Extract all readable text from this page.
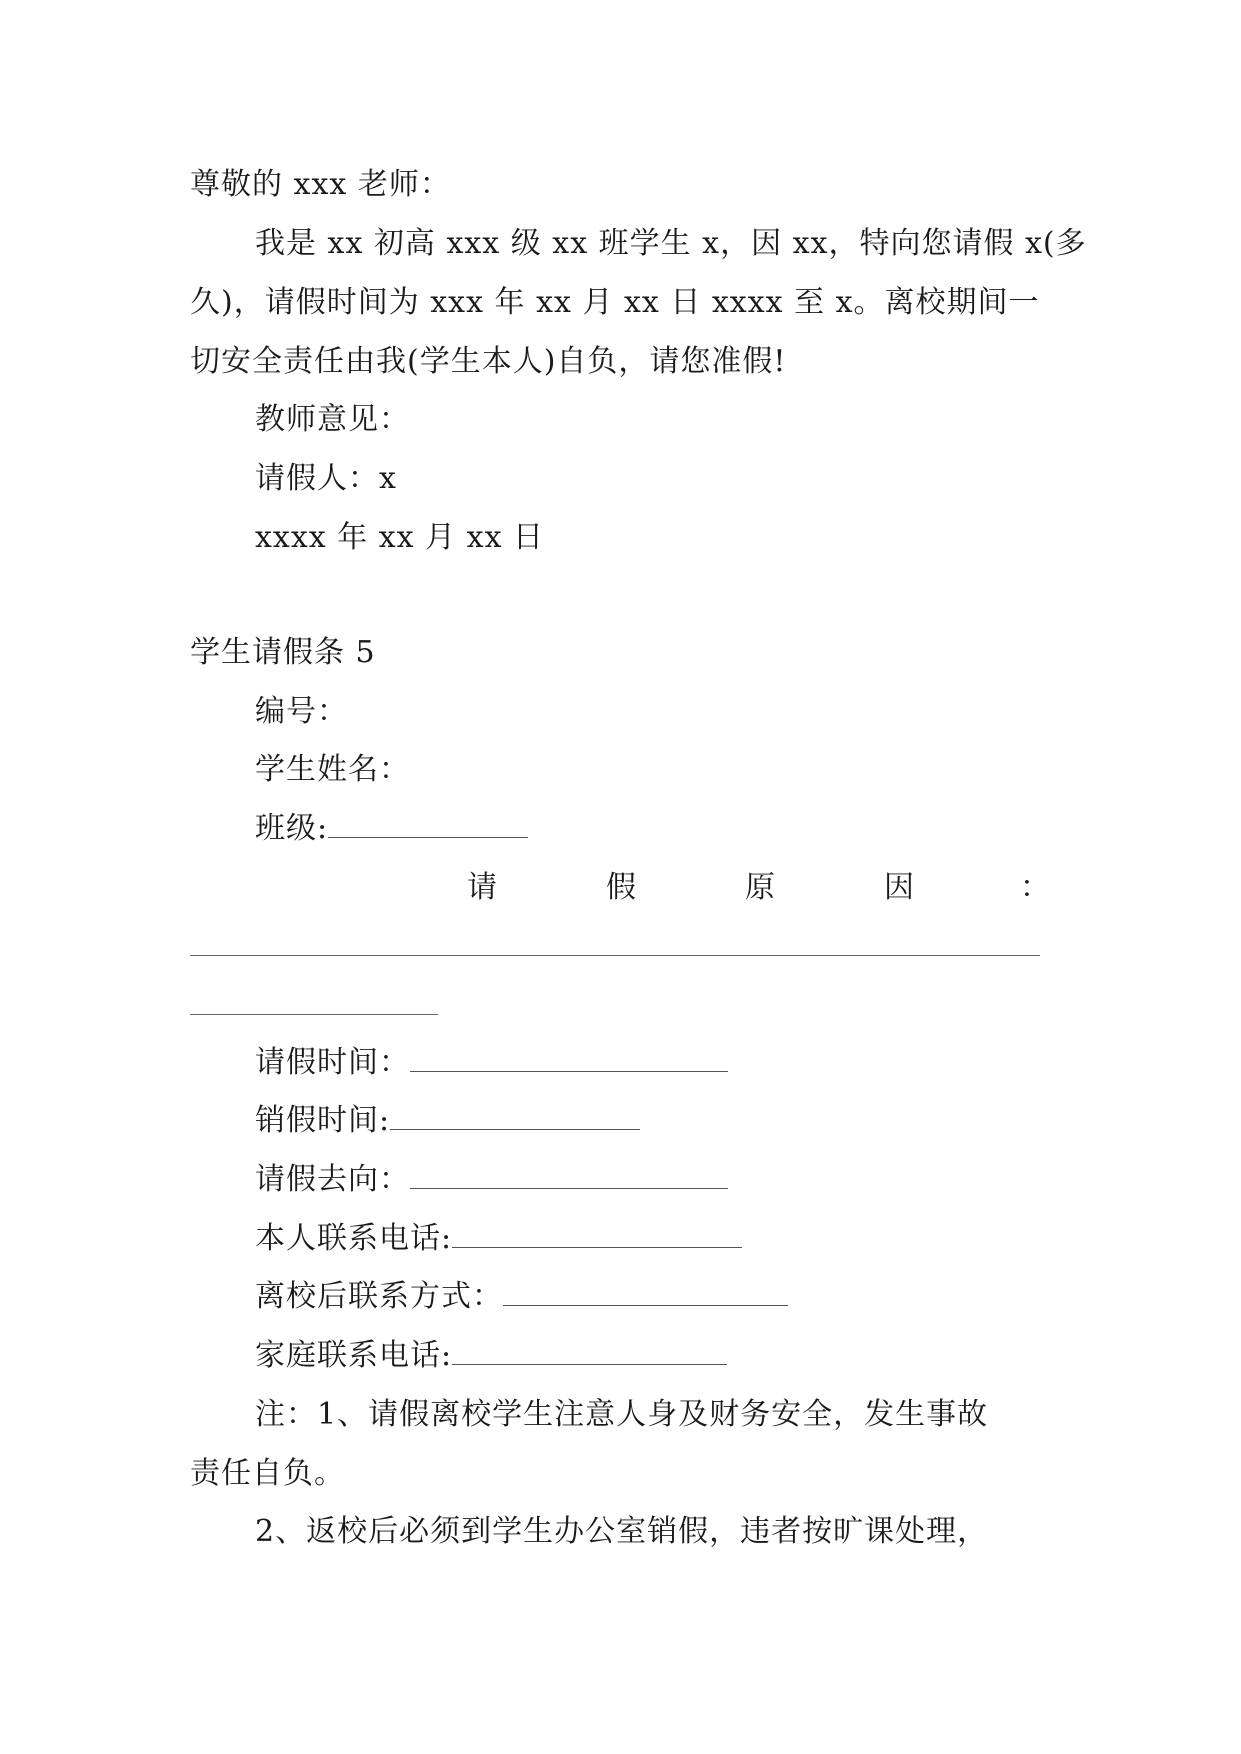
尊敬的 xxx 老师：
我是 xx 初高 xxx 级 xx 班学生 x，因 xx，特向您请假 x(多
久)，请假时间为 xxx 年 xx 月 xx 日 xxxx 至 x。离校期间一
切安全责任由我(学生本人)自负，请您准假!
教师意见：
请假人：x
xxxx 年 xx 月 xx 日
学生请假条 5
编号：
学生姓名：
班级:
请	假	原	因	：
请假时间：
销假时间:
请假去向：
本人联系电话:
离校后联系方式：
家庭联系电话:
注：1、请假离校学生注意人身及财务安全，发生事故
责任自负。
2、返校后必须到学生办公室销假，违者按旷课处理，
